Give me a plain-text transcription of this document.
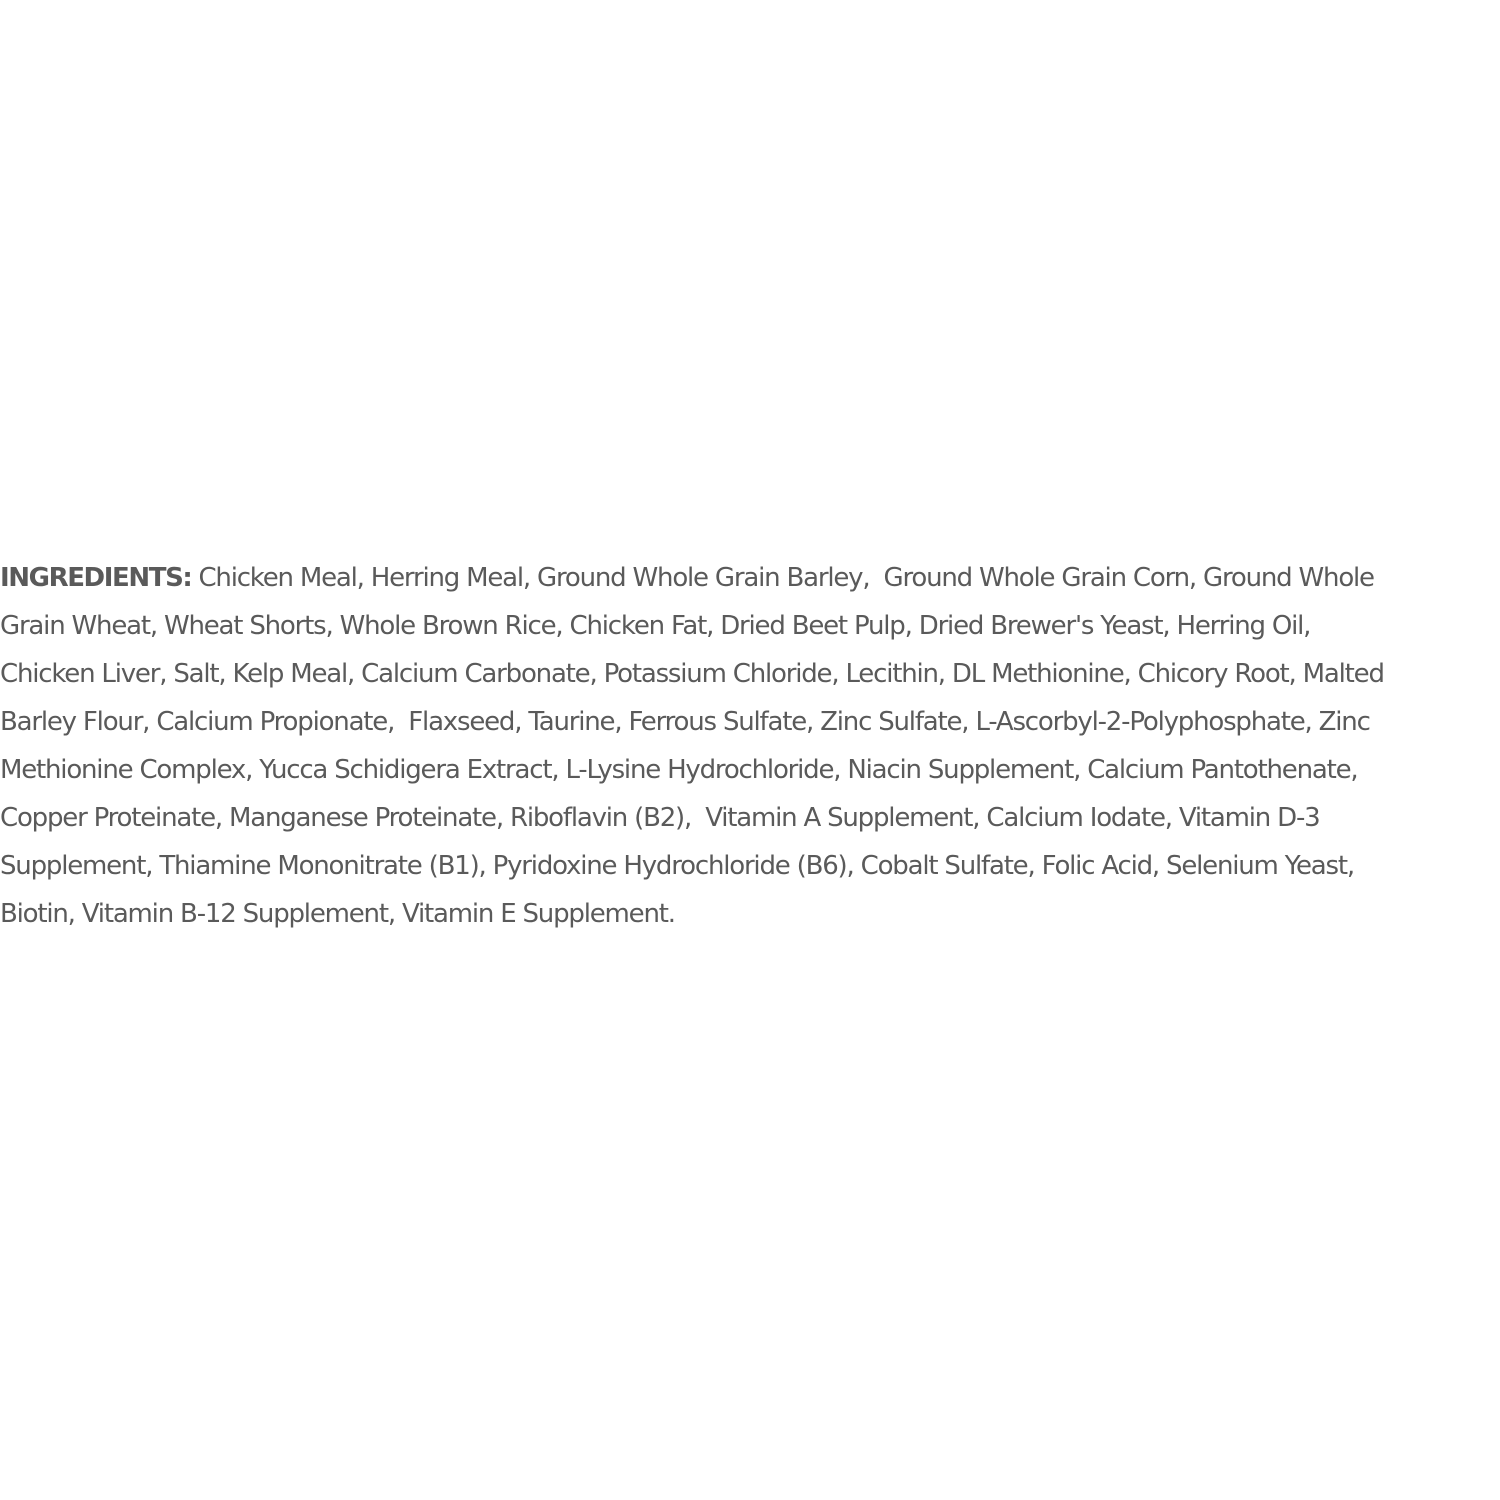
INGREDIENTS: Chicken Meal, Herring Meal, Ground Whole Grain Barley,  Ground Whole Grain Corn, Ground Whole
Grain Wheat, Wheat Shorts, Whole Brown Rice, Chicken Fat, Dried Beet Pulp, Dried Brewer's Yeast, Herring Oil,
Chicken Liver, Salt, Kelp Meal, Calcium Carbonate, Potassium Chloride, Lecithin, DL Methionine, Chicory Root, Malted
Barley Flour, Calcium Propionate,  Flaxseed, Taurine, Ferrous Sulfate, Zinc Sulfate, L-Ascorbyl-2-Polyphosphate, Zinc
Methionine Complex, Yucca Schidigera Extract, L-Lysine Hydrochloride, Niacin Supplement, Calcium Pantothenate,
Copper Proteinate, Manganese Proteinate, Riboflavin (B2),  Vitamin A Supplement, Calcium Iodate, Vitamin D-3
Supplement, Thiamine Mononitrate (B1), Pyridoxine Hydrochloride (B6), Cobalt Sulfate, Folic Acid, Selenium Yeast,
Biotin, Vitamin B-12 Supplement, Vitamin E Supplement.
